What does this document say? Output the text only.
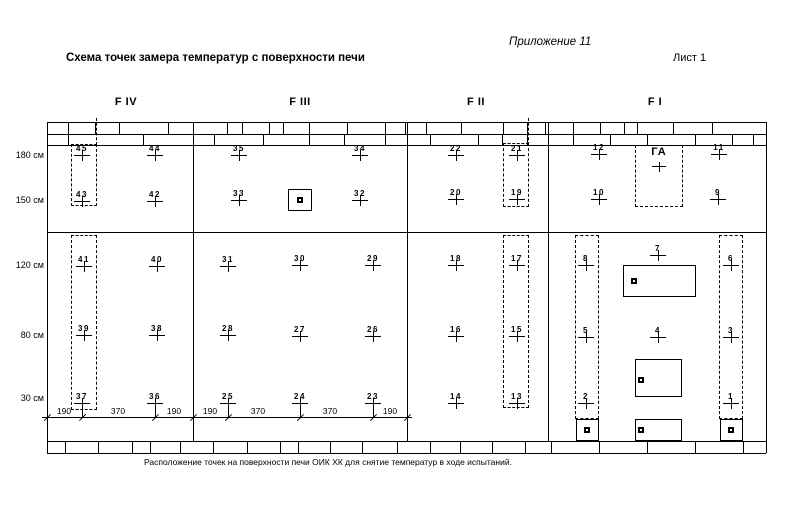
Приложение 11
Схема точек замера температур с поверхности печи	Лист 1
45	44	35	34	22	21	12	11
43	42	33	32	20	19	10	9
41	40	31	30	29	18	17	8
7
6
39	38	28	27	26	16	15	5	4	3
37	36	25	24	23	14	13	2	1
ГА
190	370	190	190	370	370	190
F IV	F III	F II	F I
180 см
150 см
120 см
80 см
30 см
Расположение точек на поверхности печи ОИК ХК для снятие температур в ходе испытаний.
